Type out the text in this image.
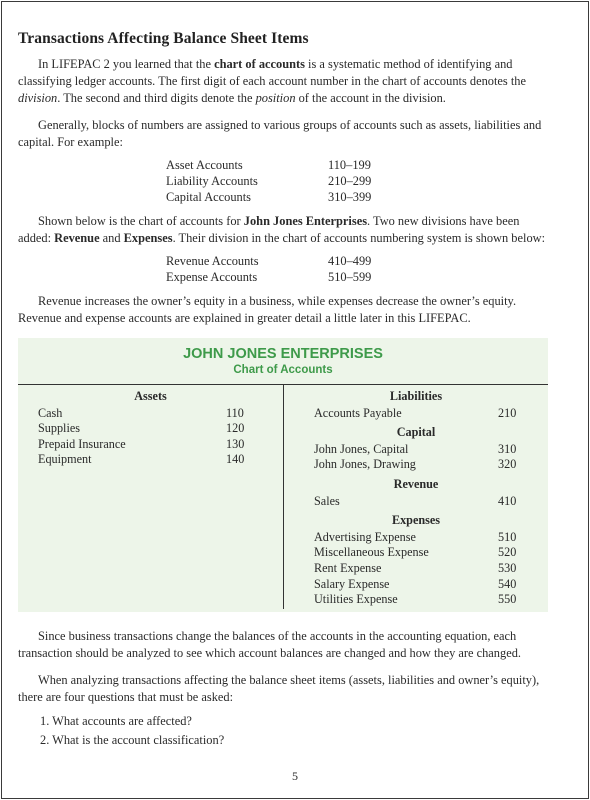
Transactions Affecting Balance Sheet Items

In LIFEPAC 2 you learned that the chart of accounts is a systematic method of identifying and classifying ledger accounts. The first digit of each account number in the chart of accounts denotes the division. The second and third digits denote the position of the account in the division.

Generally, blocks of numbers are assigned to various groups of accounts such as assets, liabilities and capital. For example:

Asset Accounts	110–199
Liability Accounts	210–299
Capital Accounts	310–399

Shown below is the chart of accounts for John Jones Enterprises. Two new divisions have been added: Revenue and Expenses. Their division in the chart of accounts numbering system is shown below:

Revenue Accounts	410–499
Expense Accounts	510–599

Revenue increases the owner’s equity in a business, while expenses decrease the owner’s equity. Revenue and expense accounts are explained in greater detail a little later in this LIFEPAC.

JOHN JONES ENTERPRISES
Chart of Accounts
Assets
Cash	110
Supplies	120
Prepaid Insurance	130
Equipment	140
Liabilities
Accounts Payable	210
Capital
John Jones, Capital	310
John Jones, Drawing	320
Revenue
Sales	410
Expenses
Advertising Expense	510
Miscellaneous Expense	520
Rent Expense	530
Salary Expense	540
Utilities Expense	550

Since business transactions change the balances of the accounts in the accounting equation, each transaction should be analyzed to see which account balances are changed and how they are changed.

When analyzing transactions affecting the balance sheet items (assets, liabilities and owner’s equity), there are four questions that must be asked:

1. What accounts are affected?
2. What is the account classification?
5
